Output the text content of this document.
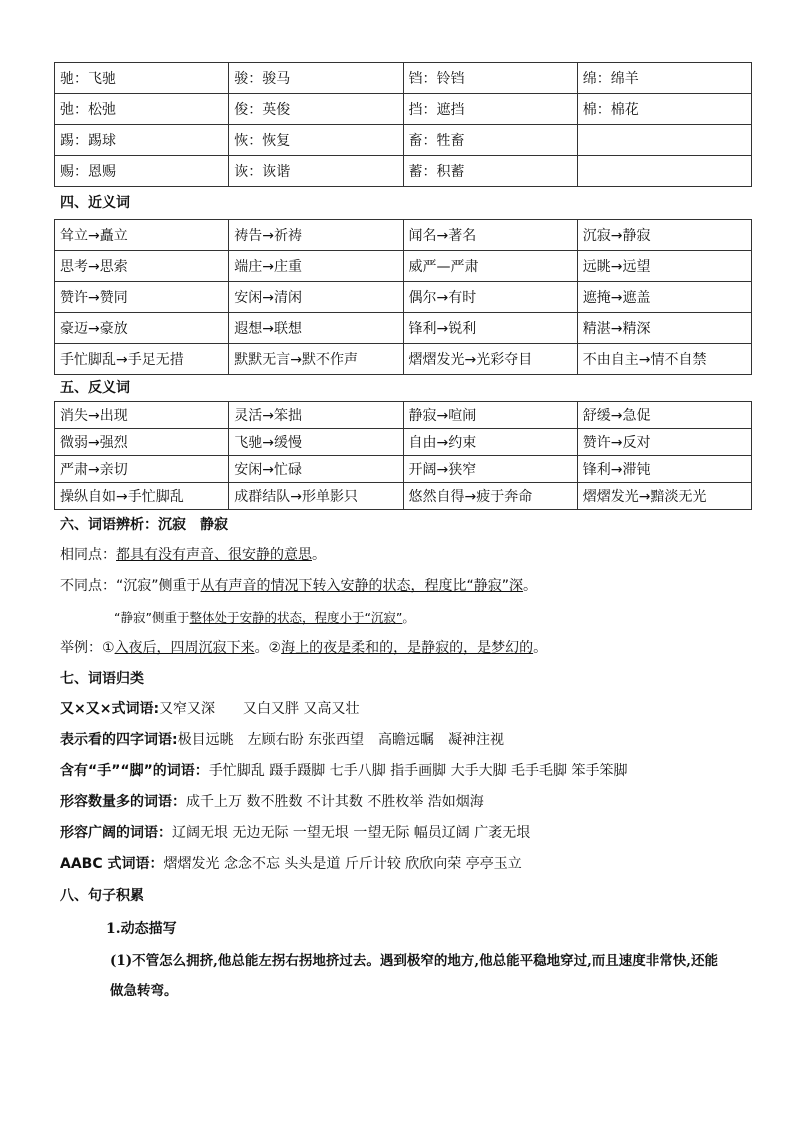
驰：飞驰	骏：骏马	铛：铃铛	绵：绵羊
弛：松弛	俊：英俊	挡：遮挡	棉：棉花
踢：踢球	恢：恢复	畜：牲畜	
赐：恩赐	诙：诙谐	蓄：积蓄	
四、近义词
耸立→矗立	祷告→祈祷	闻名→著名	沉寂→静寂
思考→思索	端庄→庄重	威严—严肃	远眺→远望
赞许→赞同	安闲→清闲	偶尔→有时	遮掩→遮盖
豪迈→豪放	遐想→联想	锋利→锐利	精湛→精深
手忙脚乱→手足无措	默默无言→默不作声	熠熠发光→光彩夺目	不由自主→情不自禁
五、反义词
消失→出现	灵活→笨拙	静寂→喧闹	舒缓→急促
微弱→强烈	飞驰→缓慢	自由→约束	赞许→反对
严肃→亲切	安闲→忙碌	开阔→狭窄	锋利→滞钝
操纵自如→手忙脚乱	成群结队→形单影只	悠然自得→疲于奔命	熠熠发光→黯淡无光
六、词语辨析：沉寂　静寂
相同点：都具有没有声音、很安静的意思。
不同点：“沉寂”侧重于从有声音的情况下转入安静的状态，程度比“静寂”深。
“静寂”侧重于整体处于安静的状态，程度小于“沉寂”。
举例：①入夜后，四周沉寂下来。②海上的夜是柔和的，是静寂的，是梦幻的。
七、词语归类
又×又×式词语:又窄又深　　又白又胖 又高又壮
表示看的四字词语:极目远眺　左顾右盼 东张西望　高瞻远瞩　凝神注视
含有“手”“脚”的词语：手忙脚乱 蹑手蹑脚 七手八脚 指手画脚 大手大脚 毛手毛脚 笨手笨脚
形容数量多的词语：成千上万 数不胜数 不计其数 不胜枚举 浩如烟海
形容广阔的词语：辽阔无垠 无边无际 一望无垠 一望无际 幅员辽阔 广袤无垠
AABC 式词语：熠熠发光 念念不忘 头头是道 斤斤计较 欣欣向荣 亭亭玉立
八、句子积累
1.动态描写
(1)不管怎么拥挤,他总能左拐右拐地挤过去。遇到极窄的地方,他总能平稳地穿过,而且速度非常快,还能
做急转弯。
